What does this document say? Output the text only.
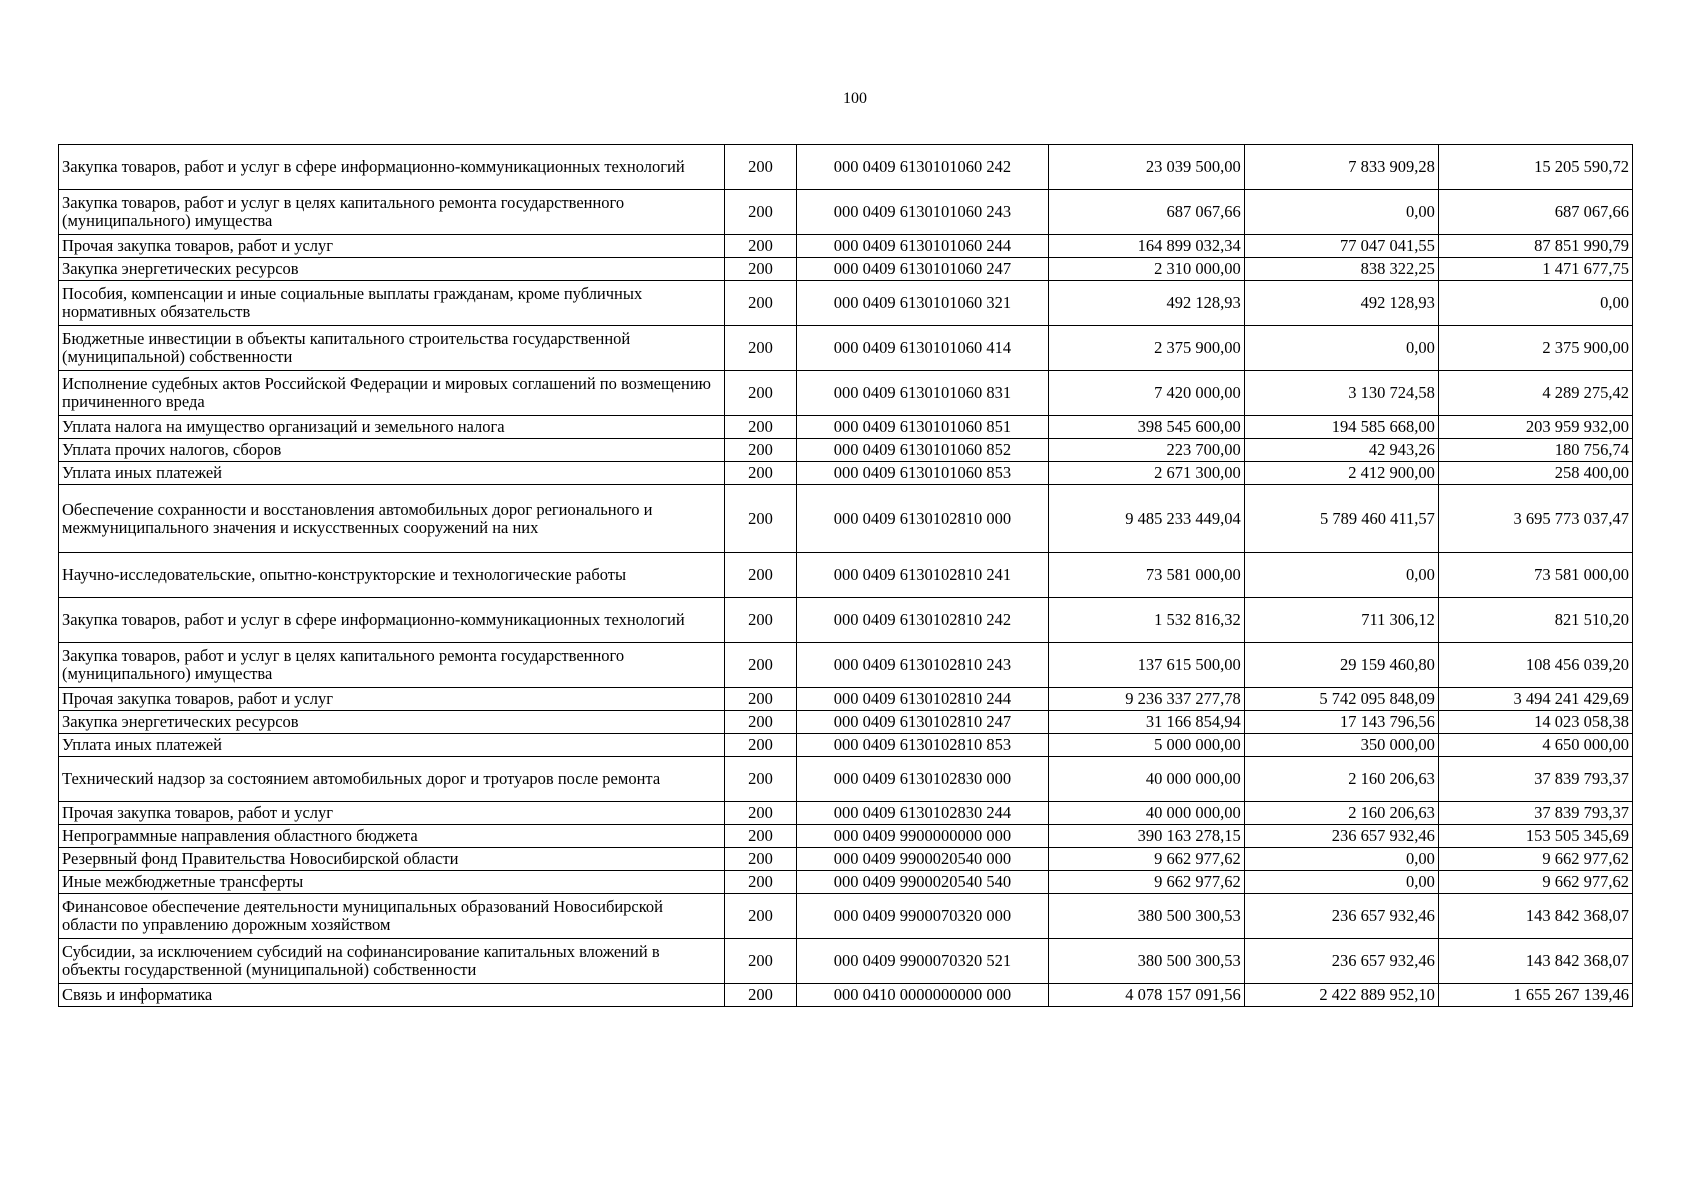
100
Закупка товаров, работ и услуг в сфере информационно-коммуникационных технологий	200	000 0409 6130101060 242	23 039 500,00	7 833 909,28	15 205 590,72
Закупка товаров, работ и услуг в целях капитального ремонта государственного (муниципального) имущества	200	000 0409 6130101060 243	687 067,66	0,00	687 067,66
Прочая закупка товаров, работ и услуг	200	000 0409 6130101060 244	164 899 032,34	77 047 041,55	87 851 990,79
Закупка энергетических ресурсов	200	000 0409 6130101060 247	2 310 000,00	838 322,25	1 471 677,75
Пособия, компенсации и иные социальные выплаты гражданам, кроме публичных нормативных обязательств	200	000 0409 6130101060 321	492 128,93	492 128,93	0,00
Бюджетные инвестиции в объекты капитального строительства государственной (муниципальной) собственности	200	000 0409 6130101060 414	2 375 900,00	0,00	2 375 900,00
Исполнение судебных актов Российской Федерации и мировых соглашений по возмещению причиненного вреда	200	000 0409 6130101060 831	7 420 000,00	3 130 724,58	4 289 275,42
Уплата налога на имущество организаций и земельного налога	200	000 0409 6130101060 851	398 545 600,00	194 585 668,00	203 959 932,00
Уплата прочих налогов, сборов	200	000 0409 6130101060 852	223 700,00	42 943,26	180 756,74
Уплата иных платежей	200	000 0409 6130101060 853	2 671 300,00	2 412 900,00	258 400,00
Обеспечение сохранности и восстановления автомобильных дорог регионального и межмуниципального значения и искусственных сооружений на них	200	000 0409 6130102810 000	9 485 233 449,04	5 789 460 411,57	3 695 773 037,47
Научно-исследовательские, опытно-конструкторские и технологические работы	200	000 0409 6130102810 241	73 581 000,00	0,00	73 581 000,00
Закупка товаров, работ и услуг в сфере информационно-коммуникационных технологий	200	000 0409 6130102810 242	1 532 816,32	711 306,12	821 510,20
Закупка товаров, работ и услуг в целях капитального ремонта государственного (муниципального) имущества	200	000 0409 6130102810 243	137 615 500,00	29 159 460,80	108 456 039,20
Прочая закупка товаров, работ и услуг	200	000 0409 6130102810 244	9 236 337 277,78	5 742 095 848,09	3 494 241 429,69
Закупка энергетических ресурсов	200	000 0409 6130102810 247	31 166 854,94	17 143 796,56	14 023 058,38
Уплата иных платежей	200	000 0409 6130102810 853	5 000 000,00	350 000,00	4 650 000,00
Технический надзор за состоянием автомобильных дорог и тротуаров после ремонта	200	000 0409 6130102830 000	40 000 000,00	2 160 206,63	37 839 793,37
Прочая закупка товаров, работ и услуг	200	000 0409 6130102830 244	40 000 000,00	2 160 206,63	37 839 793,37
Непрограммные направления областного бюджета	200	000 0409 9900000000 000	390 163 278,15	236 657 932,46	153 505 345,69
Резервный фонд Правительства Новосибирской области	200	000 0409 9900020540 000	9 662 977,62	0,00	9 662 977,62
Иные межбюджетные трансферты	200	000 0409 9900020540 540	9 662 977,62	0,00	9 662 977,62
Финансовое обеспечение деятельности муниципальных образований Новосибирской области по управлению дорожным хозяйством	200	000 0409 9900070320 000	380 500 300,53	236 657 932,46	143 842 368,07
Субсидии, за исключением субсидий на софинансирование капитальных вложений в объекты государственной (муниципальной) собственности	200	000 0409 9900070320 521	380 500 300,53	236 657 932,46	143 842 368,07
Связь и информатика	200	000 0410 0000000000 000	4 078 157 091,56	2 422 889 952,10	1 655 267 139,46
